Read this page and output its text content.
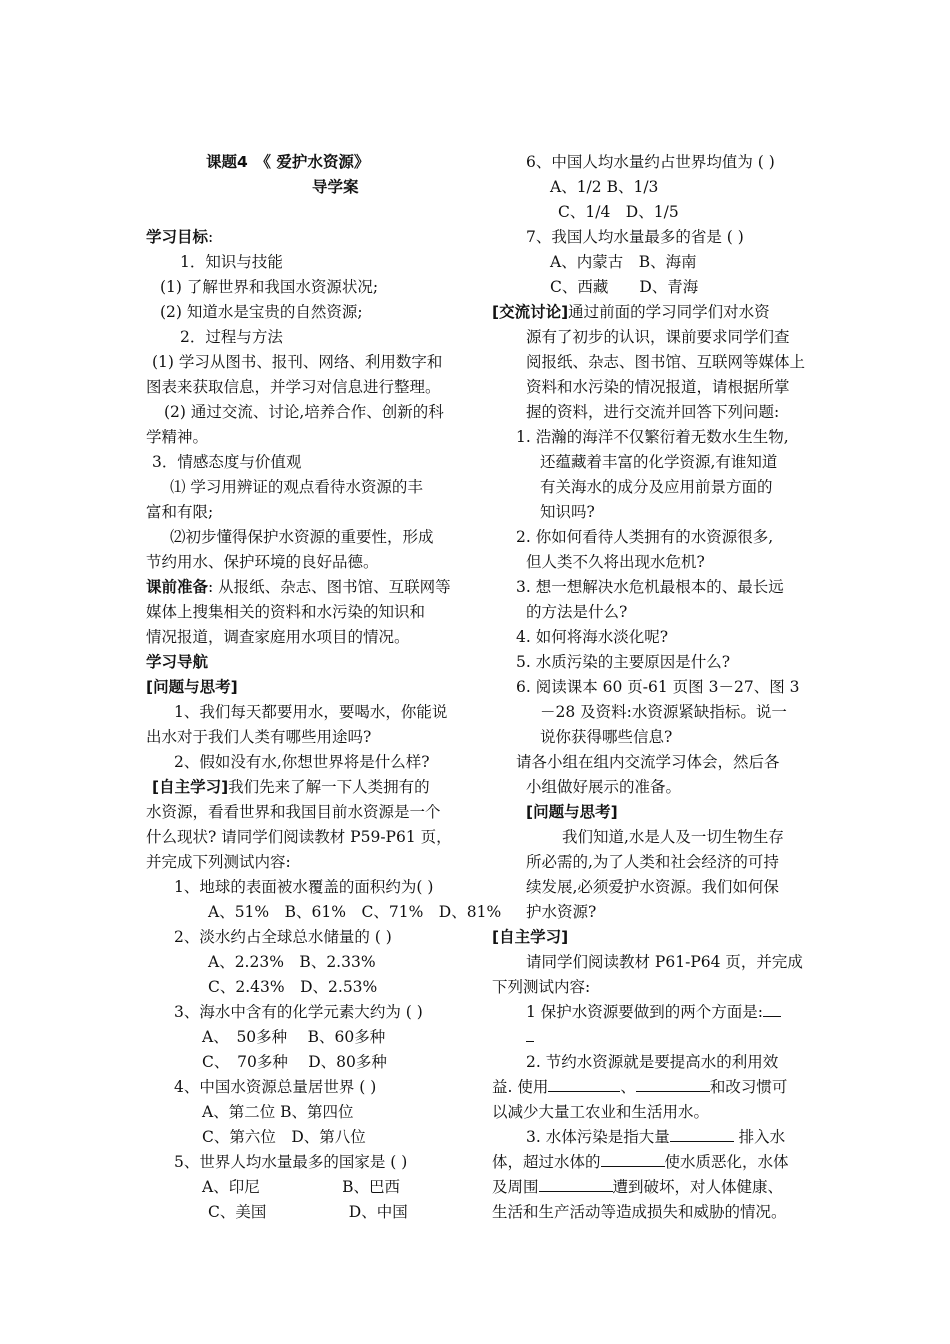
课题4　《 爱护水资源》
导学案
学习目标:
1．知识与技能
(1) 了解世界和我国水资源状况;
(2) 知道水是宝贵的自然资源;
2．过程与方法
(1) 学习从图书、报刊、网络、利用数字和
图表来获取信息，并学习对信息进行整理。
(2) 通过交流、讨论,培养合作、创新的科
学精神。
3．情感态度与价值观
⑴ 学习用辨证的观点看待水资源的丰
富和有限;
⑵初步懂得保护水资源的重要性，形成
节约用水、保护环境的良好品德。
课前准备: 从报纸、杂志、图书馆、互联网等
媒体上搜集相关的资料和水污染的知识和
情况报道，调查家庭用水项目的情况。
学习导航
[问题与思考]
1、我们每天都要用水，要喝水，你能说
出水对于我们人类有哪些用途吗?
2、假如没有水,你想世界将是什么样?
[自主学习]我们先来了解一下人类拥有的
水资源，看看世界和我国目前水资源是一个
什么现状? 请同学们阅读教材 P59-P61 页，
并完成下列测试内容:
1、地球的表面被水覆盖的面积约为( )
A、51%　B、61%　C、71%　D、81%
2、淡水约占全球总水储量的 ( )
A、2.23%　B、2.33%
C、2.43%　D、2.53%
3、海水中含有的化学元素大约为 ( )
A、　50多种　 B、60多种
C、　70多种　 D、80多种
4、中国水资源总量居世界 ( )
A、第二位 B、第四位
C、第六位　D、第八位
5、世界人均水量最多的国家是 ( )
A、印尼　　　　　 B、巴西
C、美国　　　　　 D、中国
6、中国人均水量约占世界均值为 ( )
A、1/2 B、1/3
C、1/4　D、1/5
7、我国人均水量最多的省是 ( )
A、内蒙古　B、海南
C、西藏　　D、青海
[交流讨论]通过前面的学习同学们对水资
源有了初步的认识，课前要求同学们查
阅报纸、杂志、图书馆、互联网等媒体上
资料和水污染的情况报道，请根据所掌
握的资料，进行交流并回答下列问题:
1. 浩瀚的海洋不仅繁衍着无数水生生物,
还蕴藏着丰富的化学资源,有谁知道
有关海水的成分及应用前景方面的
知识吗?
2. 你如何看待人类拥有的水资源很多,
但人类不久将出现水危机?
3. 想一想解决水危机最根本的、最长远
的方法是什么?
4. 如何将海水淡化呢?
5. 水质污染的主要原因是什么?
6. 阅读课本 60 页-61 页图 3－27、图 3
－28 及资料:水资源紧缺指标。说一
说你获得哪些信息?
请各小组在组内交流学习体会，然后各
小组做好展示的准备。
[问题与思考]
我们知道,水是人及一切生物生存
所必需的,为了人类和社会经济的可持
续发展,必须爱护水资源。我们如何保
护水资源?
[自主学习]
请同学们阅读教材 P61-P64 页，并完成
下列测试内容:
1 保护水资源要做到的两个方面是:
2. 节约水资源就是要提高水的利用效
益. 使用	、	和改习惯可
以减少大量工农业和生活用水。
3. 水体污染是指大量	排入水
体，超过水体的	使水质恶化，水体
及周围	遭到破坏，对人体健康、
生活和生产活动等造成损失和威胁的情况。
